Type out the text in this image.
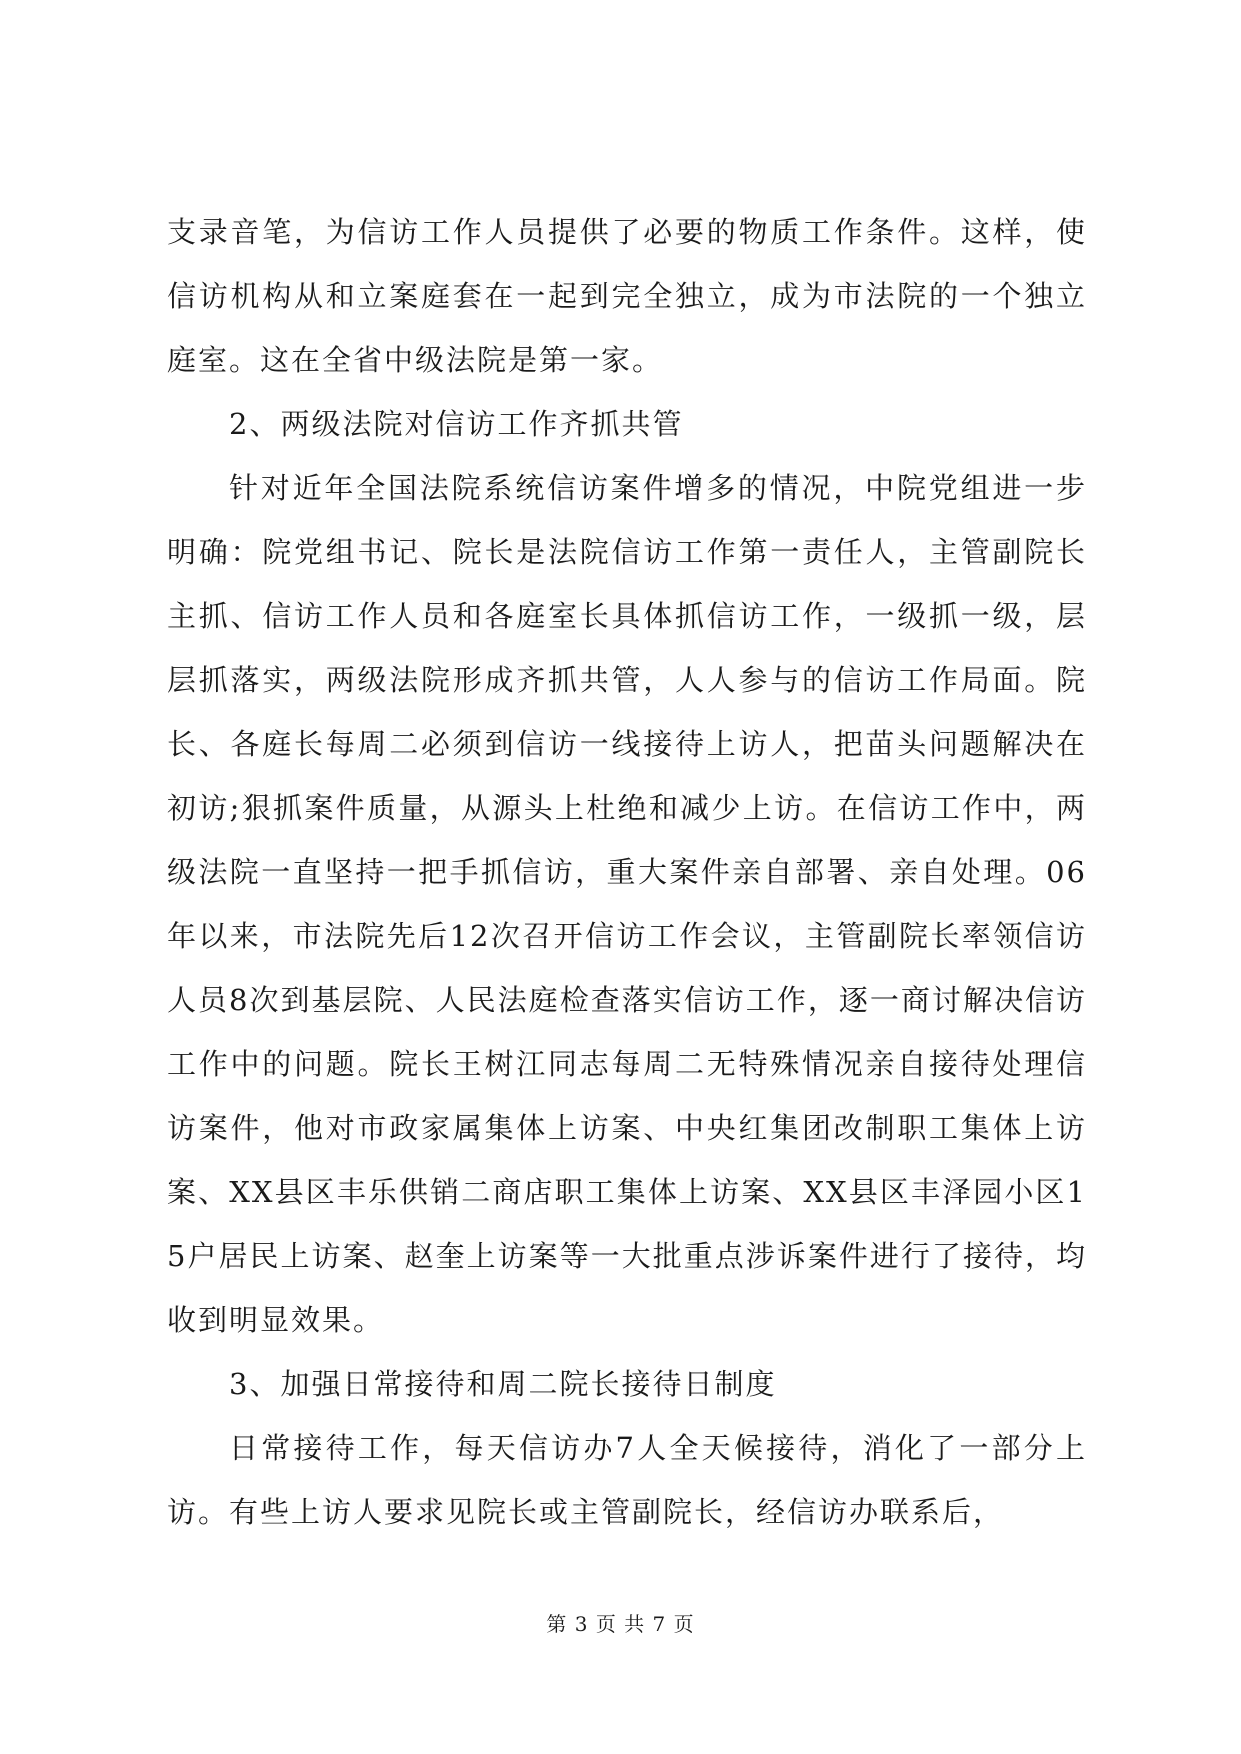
支录音笔，为信访工作人员提供了必要的物质工作条件。这样，使信访机构从和立案庭套在一起到完全独立，成为市法院的一个独立庭室。这在全省中级法院是第一家。

2、两级法院对信访工作齐抓共管

针对近年全国法院系统信访案件增多的情况，中院党组进一步明确：院党组书记、院长是法院信访工作第一责任人，主管副院长主抓、信访工作人员和各庭室长具体抓信访工作，一级抓一级，层层抓落实，两级法院形成齐抓共管，人人参与的信访工作局面。院长、各庭长每周二必须到信访一线接待上访人，把苗头问题解决在初访;狠抓案件质量，从源头上杜绝和减少上访。在信访工作中，两级法院一直坚持一把手抓信访，重大案件亲自部署、亲自处理。06年以来，市法院先后12次召开信访工作会议，主管副院长率领信访人员8次到基层院、人民法庭检查落实信访工作，逐一商讨解决信访工作中的问题。院长王树江同志每周二无特殊情况亲自接待处理信访案件，他对市政家属集体上访案、中央红集团改制职工集体上访案、XX县区丰乐供销二商店职工集体上访案、XX县区丰泽园小区15户居民上访案、赵奎上访案等一大批重点涉诉案件进行了接待，均收到明显效果。

3、加强日常接待和周二院长接待日制度

日常接待工作，每天信访办7人全天候接待，消化了一部分上访。有些上访人要求见院长或主管副院长，经信访办联系后，

第 3 页 共 7 页
